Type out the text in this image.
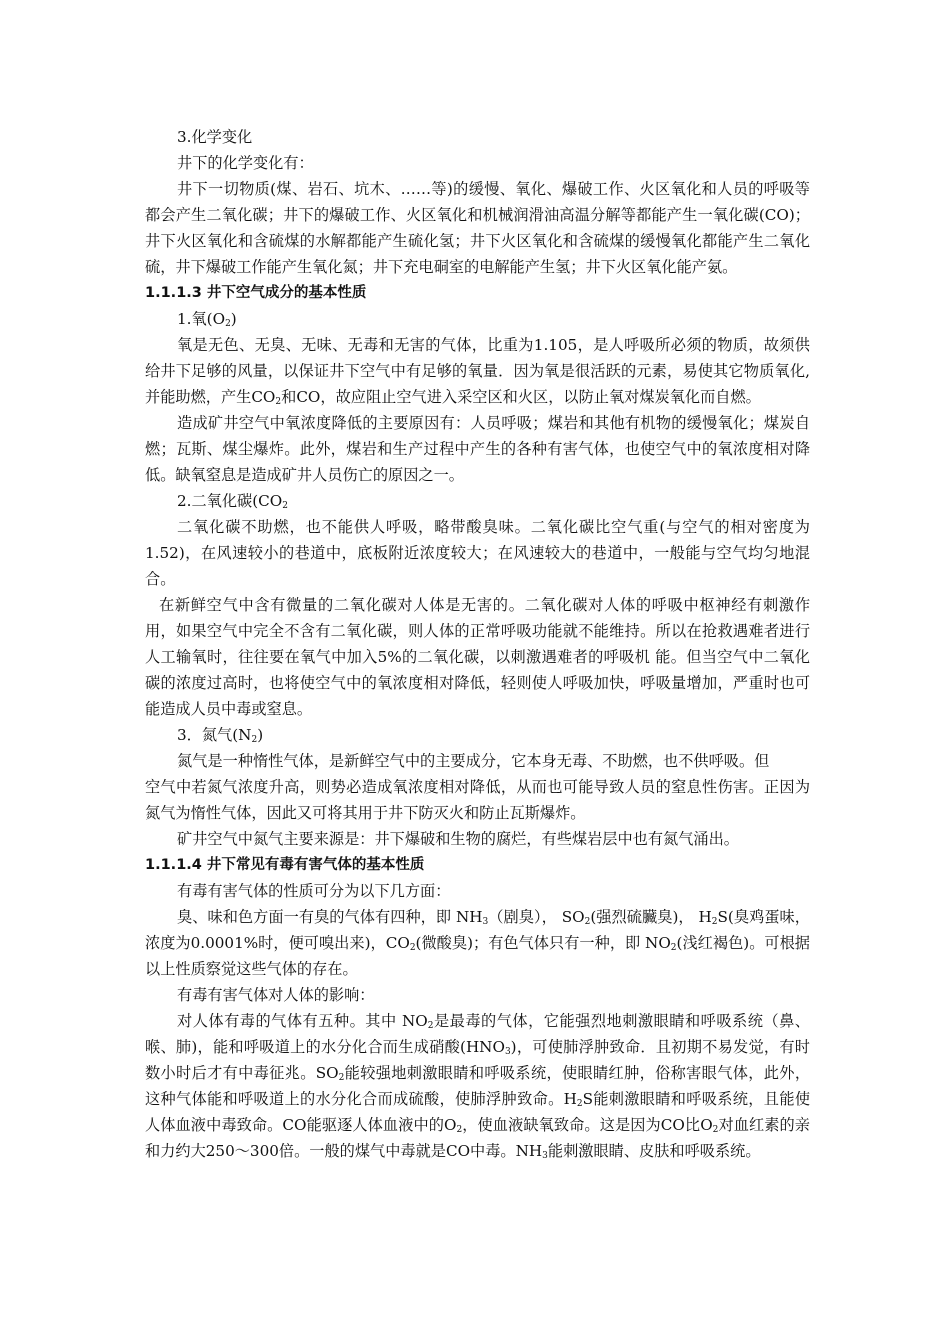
3.化学变化

井下的化学变化有：

井下一切物质(煤、岩石、坑木、……等)的缓慢、氧化、爆破工作、火区氧化和人员的呼吸等都会产生二氧化碳；井下的爆破工作、火区氧化和机械润滑油高温分解等都能产生一氧化碳(CO)；井下火区氧化和含硫煤的水解都能产生硫化氢；井下火区氧化和含硫煤的缓慢氧化都能产生二氧化硫，井下爆破工作能产生氧化氮；井下充电硐室的电解能产生氢；井下火区氧化能产氨。

1.1.1.3 井下空气成分的基本性质

1.氧$(O_2)$

氧是无色、无臭、无味、无毒和无害的气体，比重为1.105，是人呼吸所必须的物质，故须供给井下足够的风量，以保证井下空气中有足够的氧量．因为氧是很活跃的元素，易使其它物质氧化,并能助燃，产生$CO_2$和CO，故应阻止空气进入采空区和火区，以防止氧对煤炭氧化而自燃。

造成矿井空气中氧浓度降低的主要原因有：人员呼吸；煤岩和其他有机物的缓慢氧化；煤炭自燃；瓦斯、煤尘爆炸。此外，煤岩和生产过程中产生的各种有害气体，也使空气中的氧浓度相对降低。缺氧窒息是造成矿井人员伤亡的原因之一。

2.二氧化碳($CO_2$

二氧化碳不助燃，也不能供人呼吸，略带酸臭味。二氧化碳比空气重(与空气的相对密度为1.52)，在风速较小的巷道中，底板附近浓度较大；在风速较大的巷道中，一般能与空气均匀地混合。

在新鲜空气中含有微量的二氧化碳对人体是无害的。二氧化碳对人体的呼吸中枢神经有刺激作用，如果空气中完全不含有二氧化碳，则人体的正常呼吸功能就不能维持。所以在抢救遇难者进行人工输氧时，往往要在氧气中加入5%的二氧化碳，以刺激遇难者的呼吸机 能。但当空气中二氧化碳的浓度过高时，也将使空气中的氧浓度相对降低，轻则使人呼吸加快，呼吸量增加，严重时也可能造成人员中毒或窒息。

3．氮气$(N_2)$

氮气是一种惰性气体，是新鲜空气中的主要成分，它本身无毒、不助燃，也不供呼吸。但

空气中若氮气浓度升高，则势必造成氧浓度相对降低，从而也可能导致人员的窒息性伤害。正因为氮气为惰性气体，因此又可将其用于井下防灭火和防止瓦斯爆炸。

矿井空气中氮气主要来源是：井下爆破和生物的腐烂，有些煤岩层中也有氮气涌出。

1.1.1.4 井下常见有毒有害气体的基本性质

有毒有害气体的性质可分为以下几方面：

臭、味和色方面一有臭的气体有四种，即 $NH_3$（剧臭）， $SO_2$(强烈硫臟臭)， $H_2S$(臭鸡蛋味，浓度为0.0001%时，便可嗅出来)，$CO_2$(微酸臭)；有色气体只有一种，即 $NO_2$(浅红褐色)。可根据以上性质察觉这些气体的存在。

有毒有害气体对人体的影响：

对人体有毒的气体有五种。其中 $NO_2$是最毒的气体，它能强烈地刺激眼睛和呼吸系统（鼻、喉、肺)，能和呼吸道上的水分化合而生成硝酸$(HNO_3)$，可使肺浮肿致命．且初期不易发觉，有时数小时后才有中毒征兆。$SO_2$能较强地刺激眼睛和呼吸系统，使眼睛红肿，俗称害眼气体，此外，这种气体能和呼吸道上的水分化合而成硫酸，使肺浮肿致命。$H_2S$能刺激眼睛和呼吸系统，且能使人体血液中毒致命。CO能驱逐人体血液中的$O_2$，使血液缺氧致命。这是因为CO比$O_2$对血红素的亲和力约大250～300倍。一般的煤气中毒就是CO中毒。$NH_3$能刺激眼睛、皮肤和呼吸系统。
